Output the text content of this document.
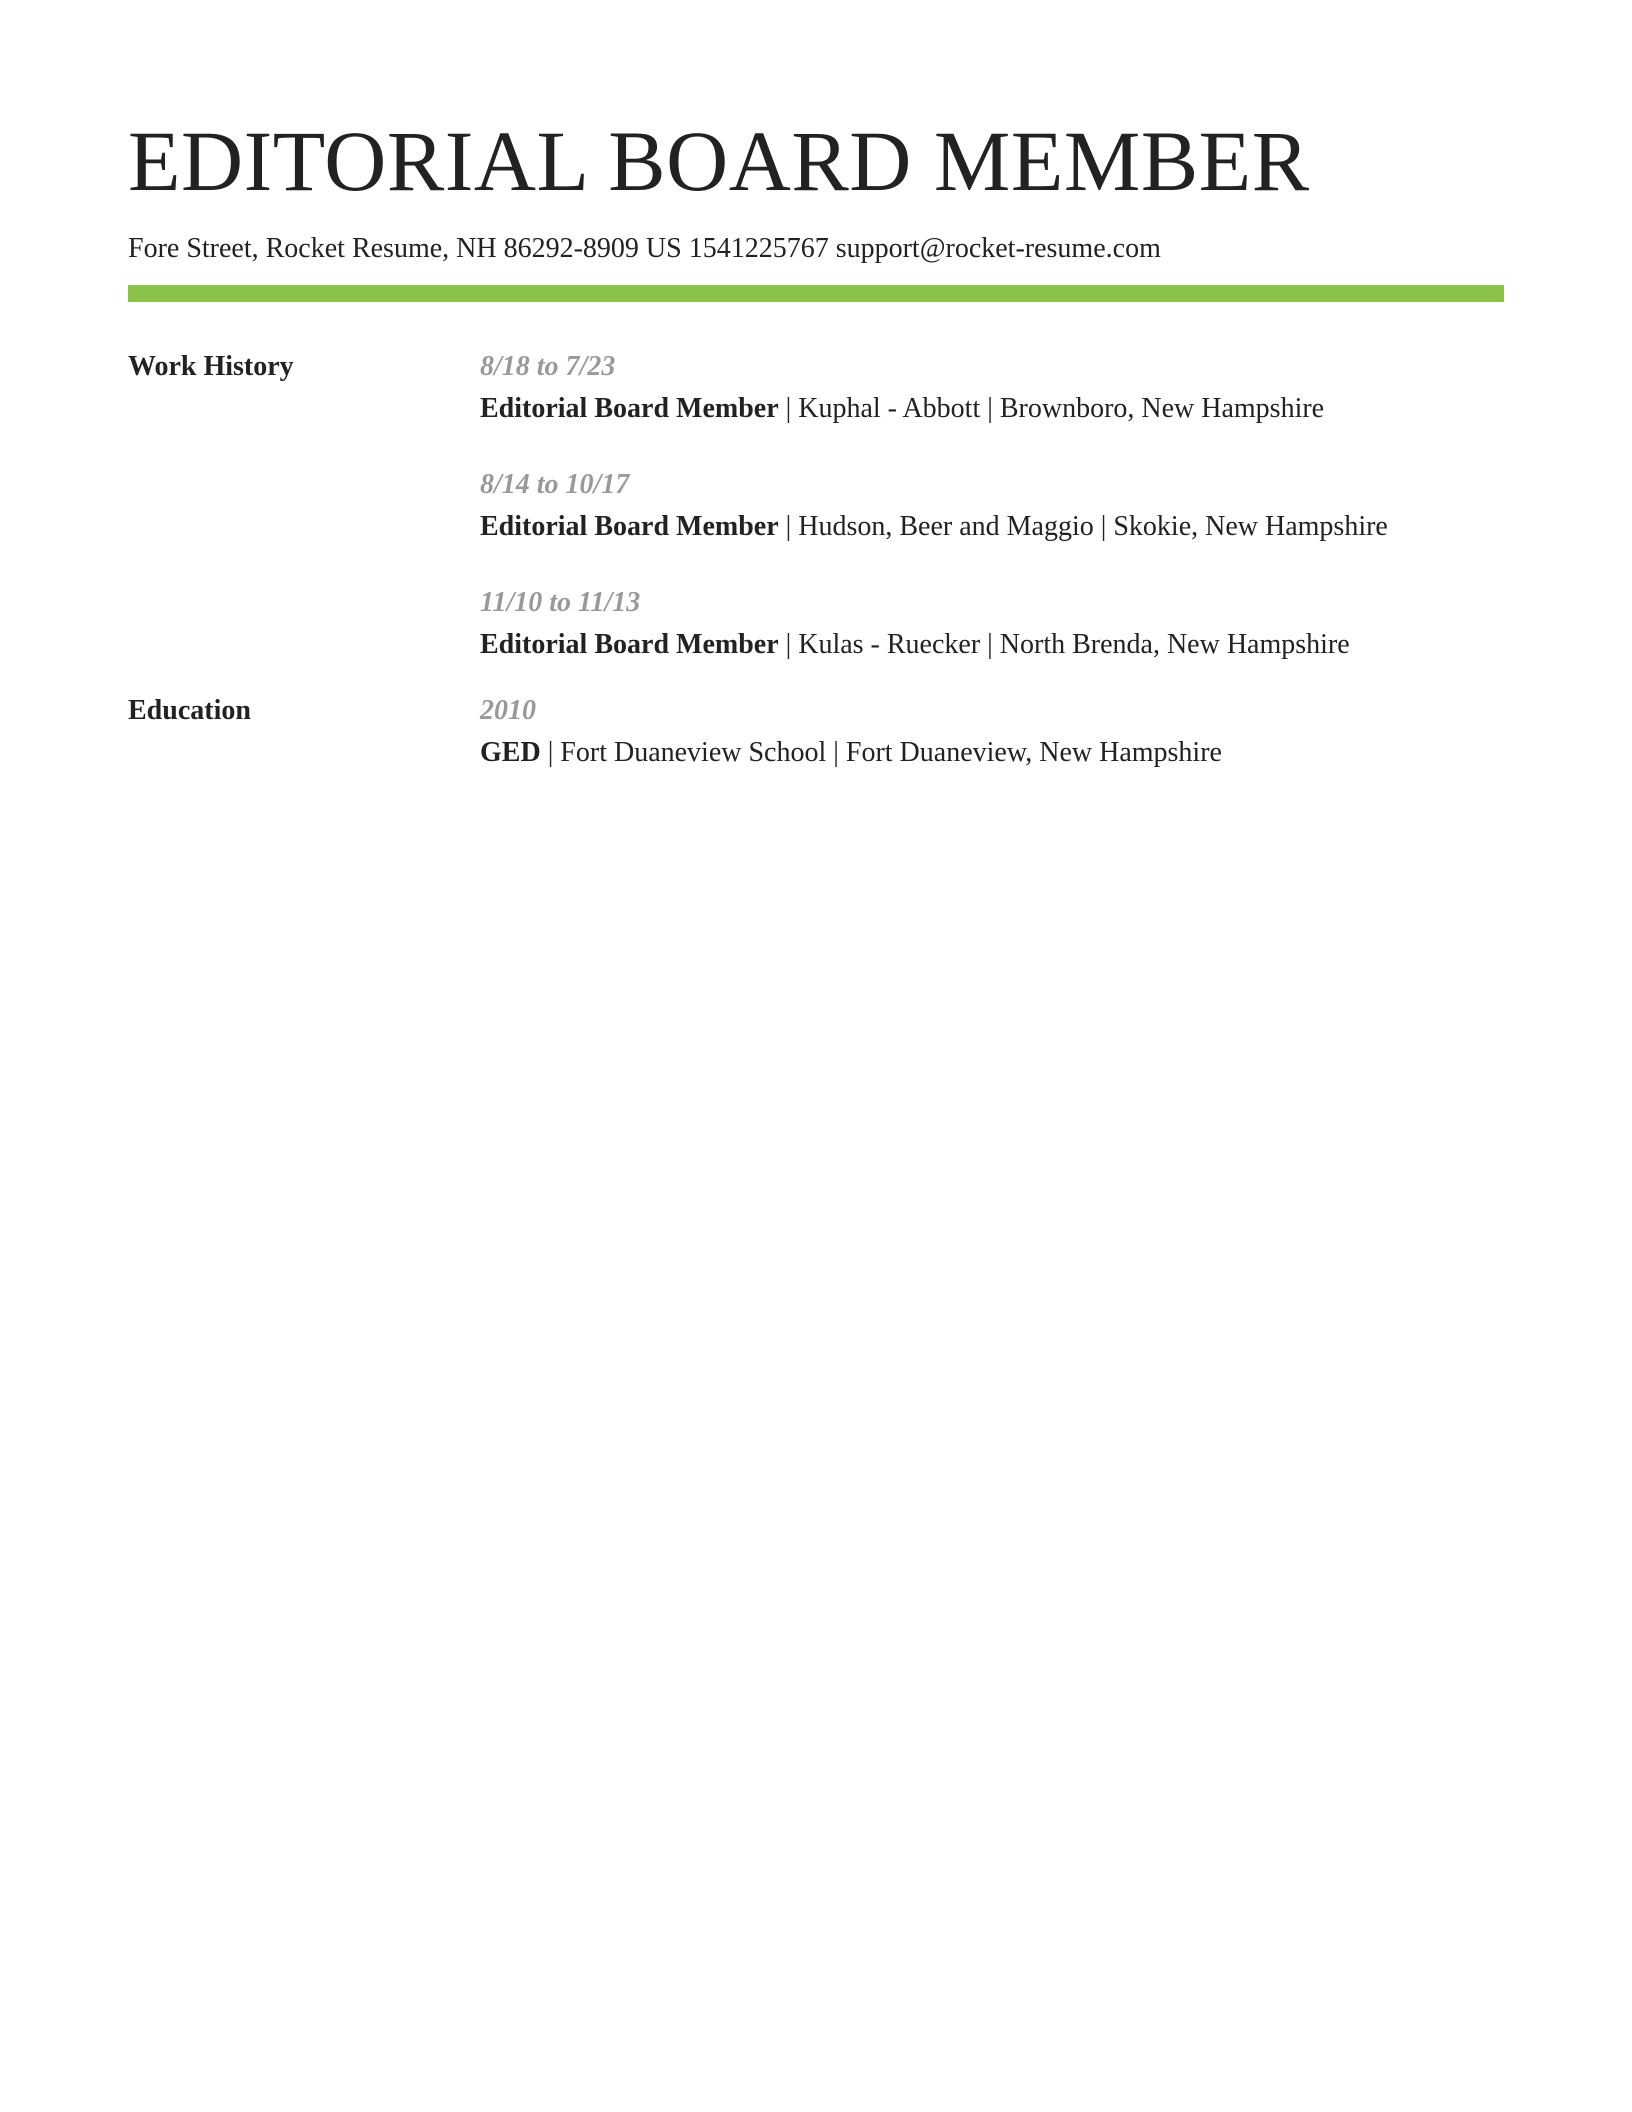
EDITORIAL BOARD MEMBER
Fore Street, Rocket Resume, NH 86292-8909 US 1541225767 support@rocket-resume.com
Work History	8/18 to 7/23
Editorial Board Member | Kuphal - Abbott | Brownboro, New Hampshire
8/14 to 10/17
Editorial Board Member | Hudson, Beer and Maggio | Skokie, New Hampshire
11/10 to 11/13
Editorial Board Member | Kulas - Ruecker | North Brenda, New Hampshire
Education	2010
GED | Fort Duaneview School | Fort Duaneview, New Hampshire
